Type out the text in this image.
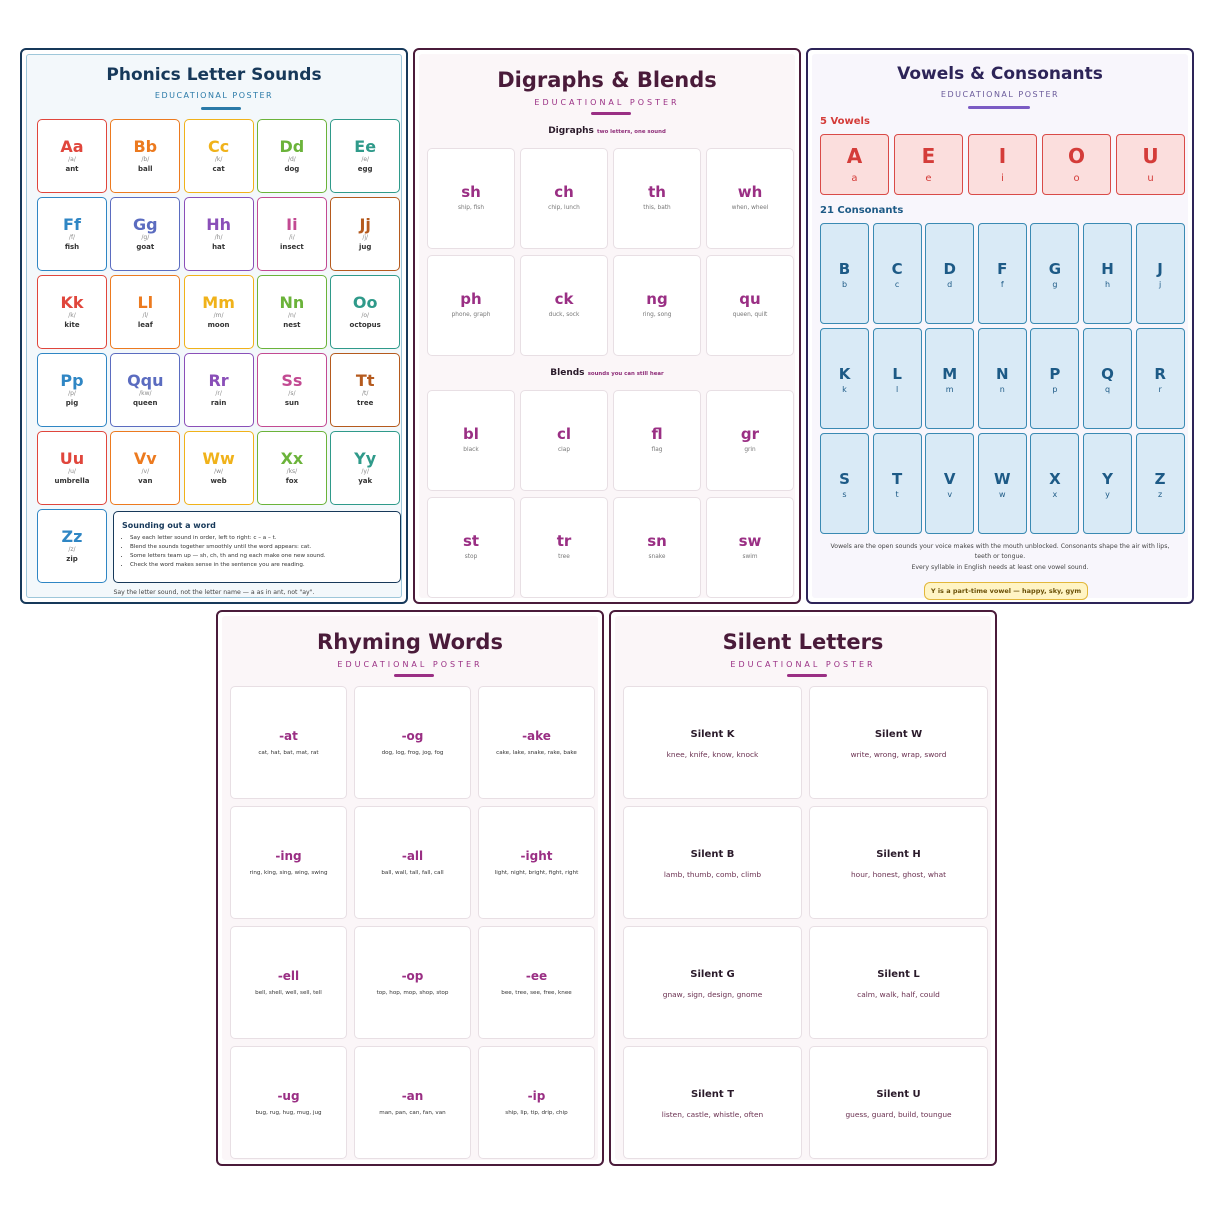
Phonics Letter Sounds
EDUCATIONAL POSTER
Aa
/a/
ant
Bb
/b/
ball
Cc
/k/
cat
Dd
/d/
dog
Ee
/e/
egg
Ff
/f/
fish
Gg
/g/
goat
Hh
/h/
hat
Ii
/i/
insect
Jj
/j/
jug
Kk
/k/
kite
Ll
/l/
leaf
Mm
/m/
moon
Nn
/n/
nest
Oo
/o/
octopus
Pp
/p/
pig
Qqu
/kw/
queen
Rr
/r/
rain
Ss
/s/
sun
Tt
/t/
tree
Uu
/u/
umbrella
Vv
/v/
van
Ww
/w/
web
Xx
/ks/
fox
Yy
/y/
yak
Zz
/z/
zip
Sounding out a word
• Say each letter sound in order, left to right: c – a – t.
• Blend the sounds together smoothly until the word appears: cat.
• Some letters team up — sh, ch, th and ng each make one new sound.
• Check the word makes sense in the sentence you are reading.
Say the letter sound, not the letter name — a as in ant, not "ay".
Digraphs & Blends
EDUCATIONAL POSTER
Digraphs two letters, one sound
sh
ship, fish
ch
chip, lunch
th
this, bath
wh
when, wheel
ph
phone, graph
ck
duck, sock
ng
ring, song
qu
queen, quilt
Blends sounds you can still hear
bl
black
cl
clap
fl
flag
gr
grin
st
stop
tr
tree
sn
snake
sw
swim
Vowels & Consonants
EDUCATIONAL POSTER
5 Vowels
A
a
E
e
I
i
O
o
U
u
21 Consonants
B
b
C
c
D
d
F
f
G
g
H
h
J
j
K
k
L
l
M
m
N
n
P
p
Q
q
R
r
S
s
T
t
V
v
W
w
X
x
Y
y
Z
z
Vowels are the open sounds your voice makes with the mouth unblocked. Consonants shape the air with lips, teeth or tongue.
Every syllable in English needs at least one vowel sound.
Y is a part-time vowel — happy, sky, gym
Rhyming Words
EDUCATIONAL POSTER
-at
cat, hat, bat, mat, rat
-og
dog, log, frog, jog, fog
-ake
cake, lake, snake, rake, bake
-ing
ring, king, sing, wing, swing
-all
ball, wall, tall, fall, call
-ight
light, night, bright, fight, right
-ell
bell, shell, well, sell, tell
-op
top, hop, mop, shop, stop
-ee
bee, tree, see, free, knee
-ug
bug, rug, hug, mug, jug
-an
man, pan, can, fan, van
-ip
ship, lip, tip, drip, chip
Silent Letters
EDUCATIONAL POSTER
Silent K
knee, knife, know, knock
Silent W
write, wrong, wrap, sword
Silent B
lamb, thumb, comb, climb
Silent H
hour, honest, ghost, what
Silent G
gnaw, sign, design, gnome
Silent L
calm, walk, half, could
Silent T
listen, castle, whistle, often
Silent U
guess, guard, build, toungue
